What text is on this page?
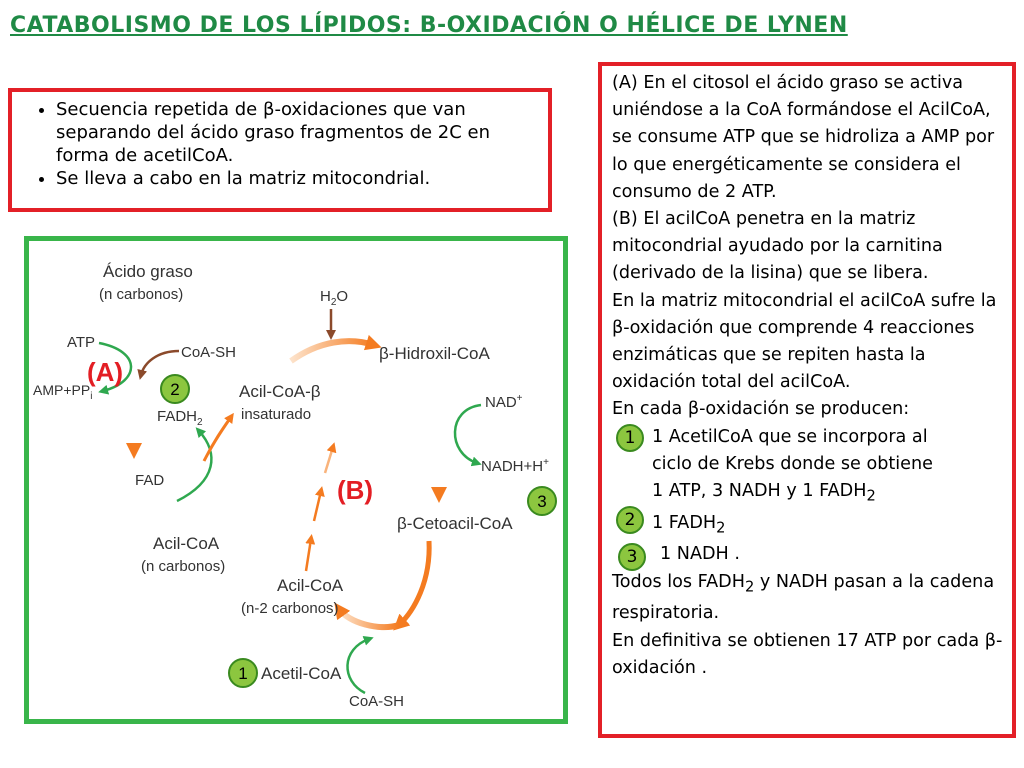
CATABOLISMO DE LOS LÍPIDOS: Β-OXIDACIÓN O HÉLICE DE LYNEN
• Secuencia repetida de β-oxidaciones que van separando del ácido graso fragmentos de 2C en forma de acetilCoA.
• Se lleva a cabo en la matriz mitocondrial.

(A) En el citosol el ácido graso se activa uniéndose a la CoA formándose el AcilCoA, se consume ATP que se hidroliza a AMP por lo que energéticamente se considera el consumo de 2 ATP.

(B) El acilCoA penetra en la matriz mitocondrial ayudado por la carnitina (derivado de la lisina) que se libera.

En la matriz mitocondrial el acilCoA sufre la β-oxidación que comprende 4 reacciones enzimáticas que se repiten hasta la oxidación total del acilCoA.

En cada β-oxidación se producen:

1 1 AcetilCoA que se incorpora al
ciclo de Krebs donde se obtiene
1 ATP, 3 NADH y 1 $FADH_2$
2 1 $FADH_2$
3	1 NADH .

Todos los $FADH_2$ y NADH pasan a la cadena respiratoria.

En definitiva se obtienen 17 ATP por cada β-oxidación .

Ácido graso
(n carbonos)
ATP
$AMP+PP_i$
CoA-SH
(A)
2
$FADH_2$
FAD
Acil-CoA-β
insaturado
$H_2O$
β-Hidroxil-CoA
NAD+
NADH+H+
3
β-Cetoacil-CoA
(B)
Acil-CoA
(n carbonos)
Acil-CoA
(n-2 carbonos)
1 Acetil-CoA
CoA-SH
